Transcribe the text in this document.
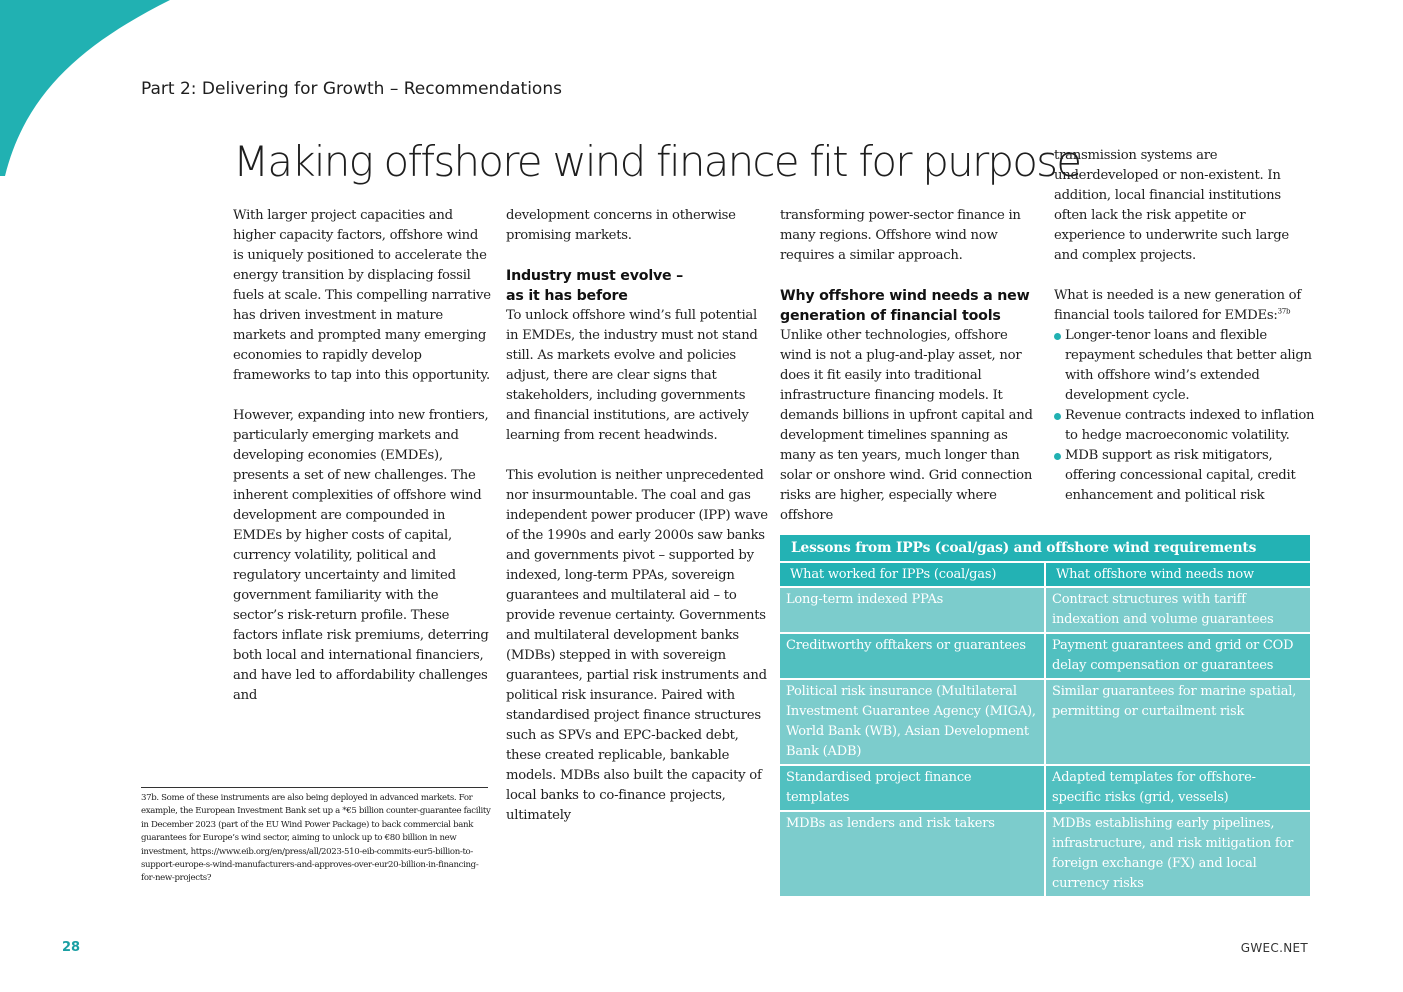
Part 2: Delivering for Growth – Recommendations
Making offshore wind finance fit for purpose

With larger project capacities and higher capacity factors, offshore wind is uniquely positioned to accelerate the energy transition by displacing fossil fuels at scale. This compelling narrative has driven investment in mature markets and prompted many emerging economies to rapidly develop frameworks to tap into this opportunity.

However, expanding into new frontiers, particularly emerging markets and developing economies (EMDEs), presents a set of new challenges. The inherent complexities of offshore wind development are compounded in EMDEs by higher costs of capital, currency volatility, political and regulatory uncertainty and limited government familiarity with the sector’s risk-return profile. These factors inflate risk premiums, deterring both local and international financiers, and have led to affordability challenges and

development concerns in otherwise promising markets.

Industry must evolve –
as it has before

To unlock offshore wind’s full potential in EMDEs, the industry must not stand still. As markets evolve and policies adjust, there are clear signs that stakeholders, including governments and financial institutions, are actively learning from recent headwinds.

This evolution is neither unprecedented nor insurmountable. The coal and gas independent power producer (IPP) wave of the 1990s and early 2000s saw banks and governments pivot – supported by indexed, long-term PPAs, sovereign guarantees and multilateral aid – to provide revenue certainty. Governments and multilateral development banks (MDBs) stepped in with sovereign guarantees, partial risk instruments and political risk insurance. Paired with standardised project finance structures such as SPVs and EPC-backed debt, these created replicable, bankable models. MDBs also built the capacity of local banks to co-finance projects, ultimately

transforming power-sector finance in many regions. Offshore wind now requires a similar approach.

Why offshore wind needs a new
generation of financial tools

Unlike other technologies, offshore wind is not a plug-and-play asset, nor does it fit easily into traditional infrastructure financing models. It demands billions in upfront capital and development timelines spanning as many as ten years, much longer than solar or onshore wind. Grid connection risks are higher, especially where offshore

transmission systems are underdeveloped or non-existent. In addition, local financial institutions often lack the risk appetite or experience to underwrite such large and complex projects.

What is needed is a new generation of financial tools tailored for EMDEs:$^{37b}$

Longer-tenor loans and flexible repayment schedules that better align with offshore wind’s extended development cycle.
Revenue contracts indexed to inflation to hedge macroeconomic volatility.
MDB support as risk mitigators, offering concessional capital, credit enhancement and political risk
Lessons from IPPs (coal/gas) and offshore wind requirements	
What worked for IPPs (coal/gas)	What offshore wind needs now
Long-term indexed PPAs	Contract structures with tariff indexation and volume guarantees
Creditworthy offtakers or guarantees	Payment guarantees and grid or COD delay compensation or guarantees
Political risk insurance (Multilateral Investment Guarantee Agency (MIGA), World Bank (WB), Asian Development Bank (ADB)	Similar guarantees for marine spatial, permitting or curtailment risk
Standardised project finance templates	Adapted templates for offshore-specific risks (grid, vessels)
MDBs as lenders and risk takers	MDBs establishing early pipelines, infrastructure, and risk mitigation for foreign exchange (FX) and local currency risks
37b. Some of these instruments are also being deployed in advanced markets. For example, the European Investment Bank set up a *€5 billion counter-guarantee facility in December 2023 (part of the EU Wind Power Package) to back commercial bank guarantees for Europe’s wind sector, aiming to unlock up to €80 billion in new investment, https://www.eib.org/en/press/all/2023-510-eib-commits-eur5-billion-to-support-europe-s-wind-manufacturers-and-approves-over-eur20-billion-in-financing-for-new-projects?
28	GWEC.NET
